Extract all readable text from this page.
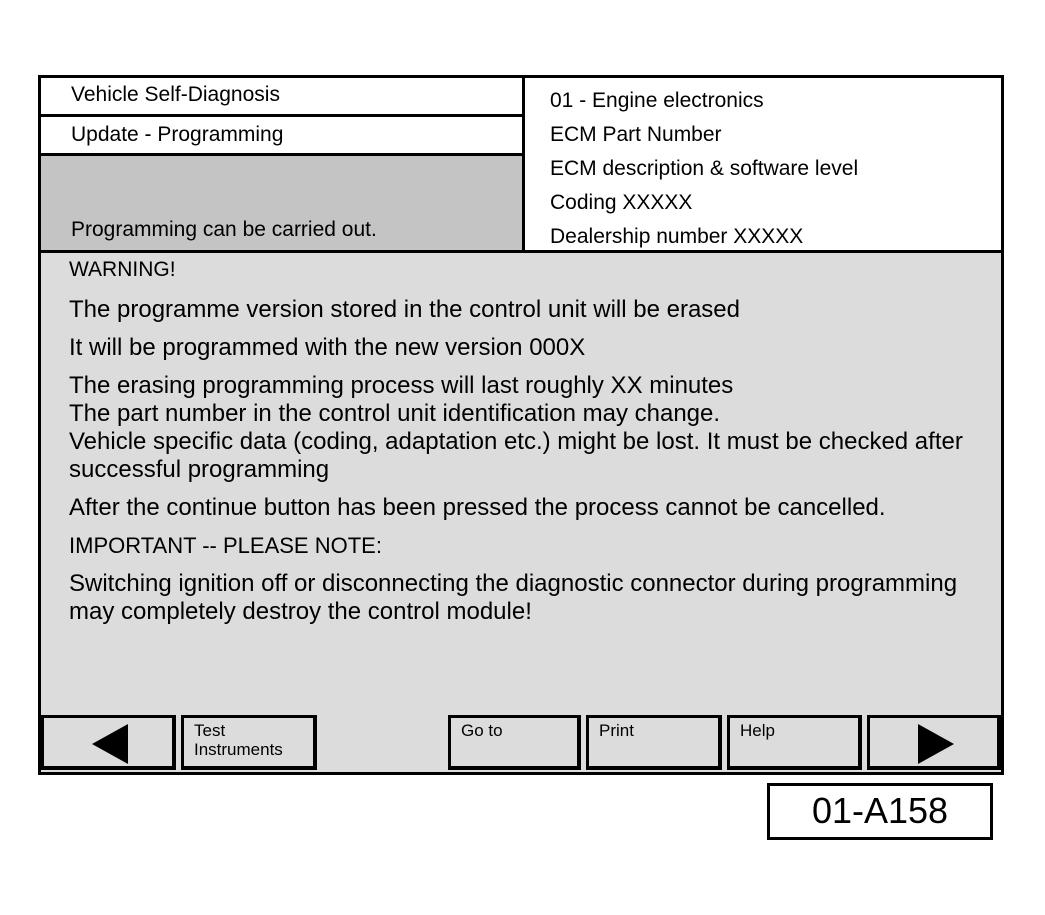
Vehicle Self-Diagnosis
Update - Programming
Programming can be carried out.
01 - Engine electronics
ECM Part Number
ECM description & software level
Coding XXXXX
Dealership number XXXXX
WARNING!
The programme version stored in the control unit will be erased
It will be programmed with the new version 000X
The erasing programming process will last roughly XX minutes
The part number in the control unit identification may change.
Vehicle specific data (coding, adaptation etc.) might be lost. It must be checked after successful programming
After the continue button has been pressed the process cannot be cancelled.
IMPORTANT -- PLEASE NOTE:
Switching ignition off or disconnecting the diagnostic connector during programming may completely destroy the control module!
Test
Instruments
Go to	Print	Help
01-A158
